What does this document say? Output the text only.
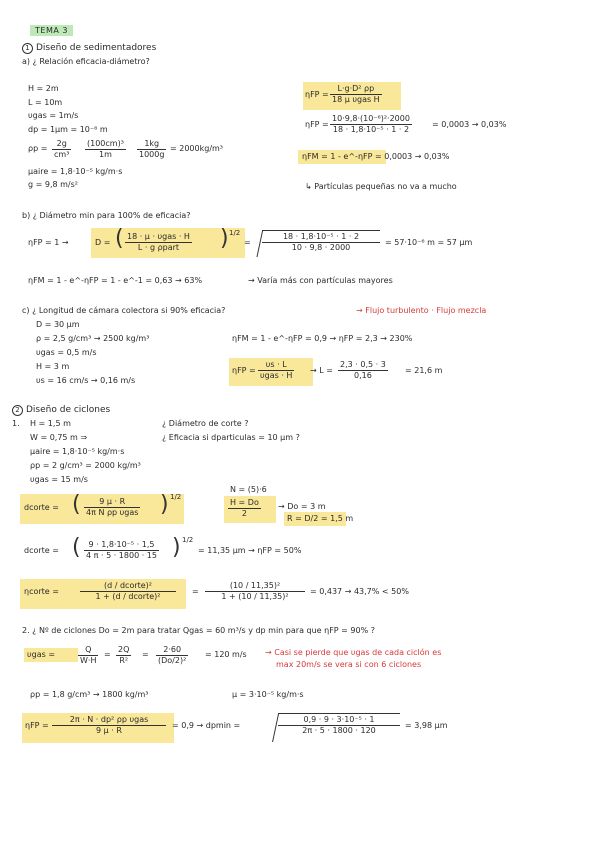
TEMA 3
1 Diseño de sedimentadores
a) ¿ Relación eficacia-diámetro?
H = 2m
L = 10m
υgas = 1m/s
dp = 1μm = 10⁻⁶ m
$\rho p = \frac{2g}{\text{cm³}} \frac{\text{(100cm)³}}{1m} \frac{1kg}{1000g} = 2000kg/m^3$
μaire = 1,8·10⁻⁵ kg/m·s
g = 9,8 m/s²
ηFP =
L·g·D² ρp
18 μ υgas H
$\eta FP = \frac{\text{10·9,8·(10⁻⁶)²·2000}}{\text{18 · 1,8·10⁻⁵ · 1 · 2}}$	= 0,0003 → 0,03%
ηFM = 1 - e^-ηFP = 0,0003 → 0,03%
↳ Partículas pequeñas no va a mucho
b) ¿ Diámetro min para 100% de eficacia?
ηFP = 1 →	D = ( 18 · μ · υgas · H
L · g ρpart	) 1/2
= $\frac{\text{18 · 1,8·10⁻⁵ · 1 · 2}}{10 \cdot 9,8 \cdot 2000} = 57\cdot 10^{-6}$ m = 57 μm
ηFM = 1 - e^-ηFP = 1 - e^-1 = 0,63 → 63%	→ Varía más con partículas mayores
c) ¿ Longitud de cámara colectora si 90% eficacia?	→ Flujo turbulento · Flujo mezcla
D = 30 μm
ρ = 2,5 g/cm³ → 2500 kg/m³
υgas = 0,5 m/s
H = 3 m
υs = 16 cm/s → 0,16 m/s
ηFM = 1 - e^-ηFP = 0,9 → ηFP = 2,3 → 230%
ηFP =
υs · L
υgas · H
→ $L = \frac{2,3 \cdot 0,5 \cdot 3}{0,16} = 21,6$ m
2 Diseño de ciclones
1. H = 1,5 m
W = 0,75 m ⇒
μaire = 1,8·10⁻⁵ kg/m·s
ρp = 2 g/cm³ = 2000 kg/m³
υgas = 15 m/s
¿ Diámetro de corte ?
¿ Eficacia si dparticulas = 10 μm ?
dcorte = (	9 μ · R
4π N ρp υgas ) 1/2
N = (5)·6
$\frac{H = Do}{2} \to Do = 3$ m
R = D/2 = 1,5 m
dcorte = ( $\frac{\text{9 · 1,8·10⁻⁵ · 1,5}}{4 \pi \cdot 5 \cdot 1800 \cdot 15}$ ) 1/2
= 11,35 μm → ηFP = 50%
ηcorte =
(d / dcorte)²
1 + (d / dcorte)²
= $\frac{\text{(10 / 11,35)²}}{\text{1 + (10 / 11,35)²}} = 0,437 \to 43,7\% < 50\%$
2. ¿ Nº de ciclones Do = 2m para tratar Qgas = 60 m³/s y dp min para que ηFP = 90% ?
υgas =	$\frac{Q}{W\cdot H} = \frac{2Q}{\text{R²}} = \frac{2\cdot 60}{\text{(Do/2)²}} = 120$ m/s → Casi se pierde que υgas de cada ciclón es
max 20m/s se vera si con 6 ciclones
ρp = 1,8 g/cm³ → 1800 kg/m³	μ = 3·10⁻⁵ kg/m·s
ηFP =
2π · N · dp² ρp υgas
9 μ · R
= 0,9 → dpmin =	$\frac{\text{0,9 · 9 · 3·10⁻⁵ · 1}}{2\pi \cdot 5 \cdot 1800 \cdot 120} = 3,98$ μm
